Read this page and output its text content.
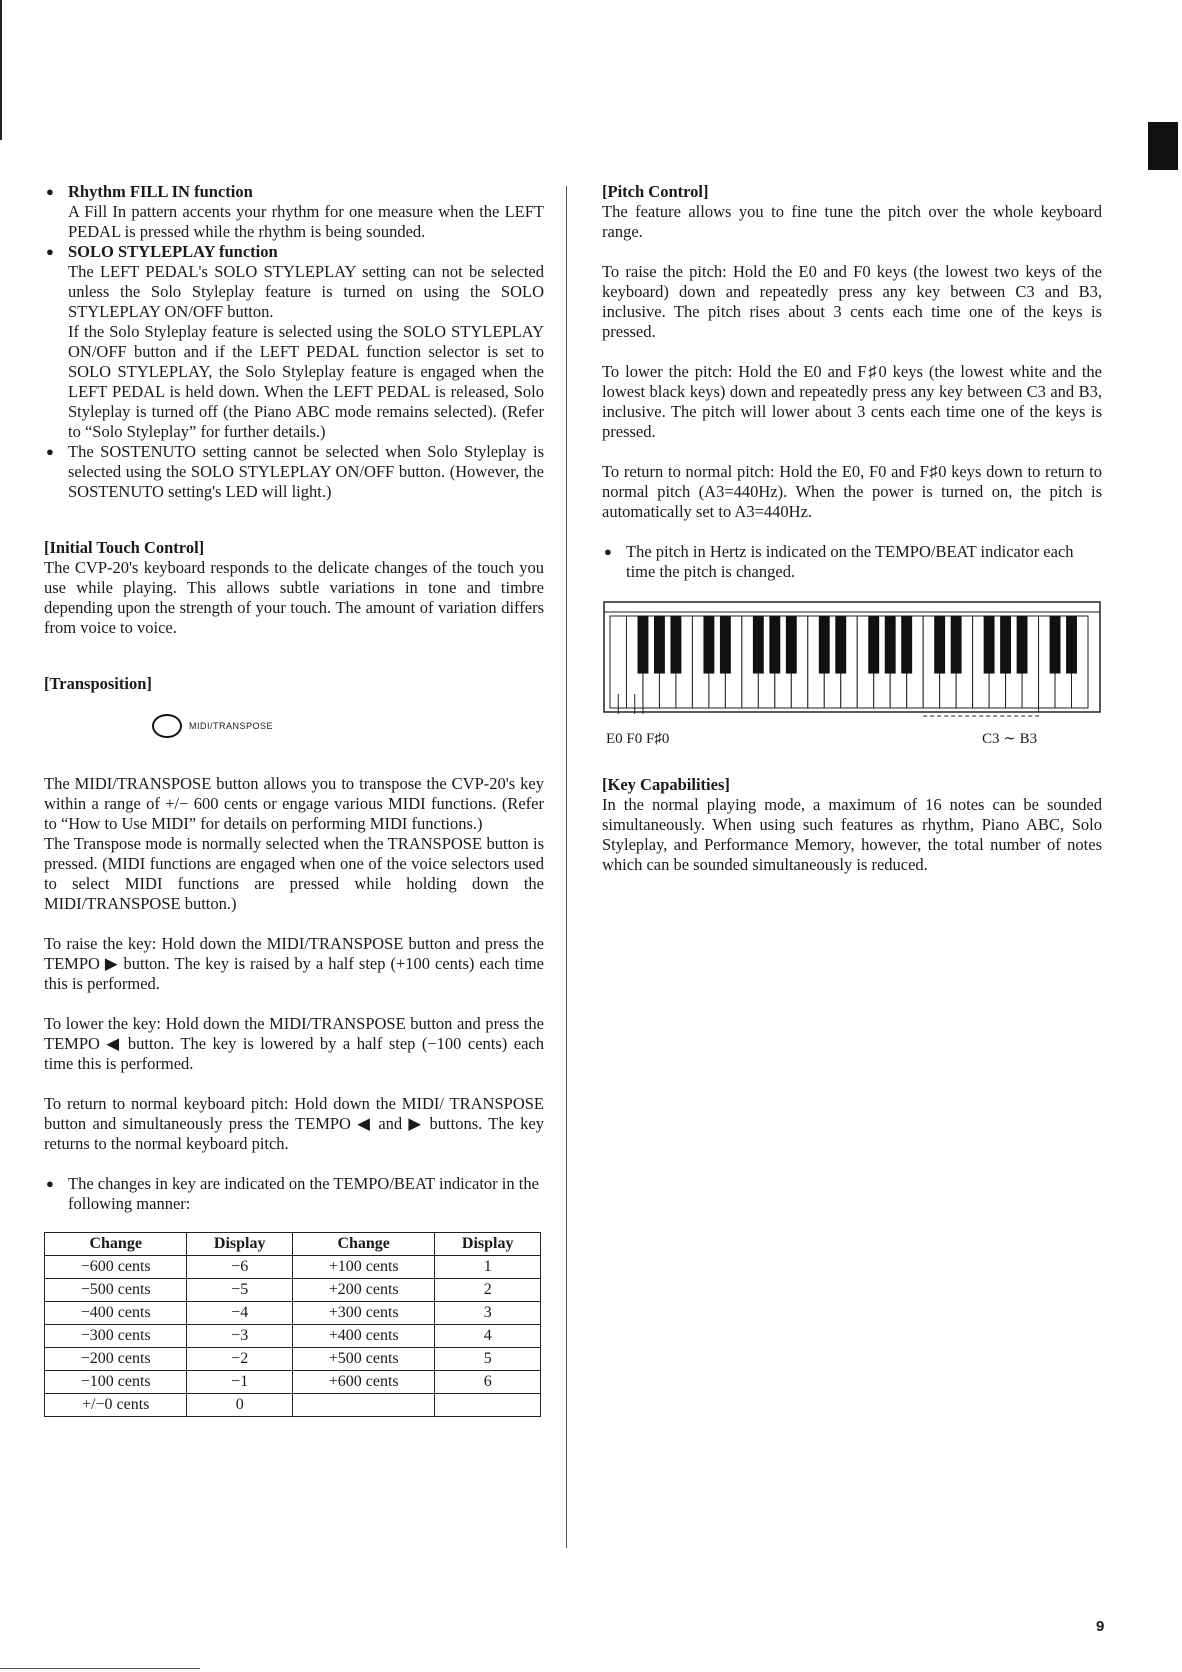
● Rhythm FILL IN function

A Fill In pattern accents your rhythm for one measure when the LEFT PEDAL is pressed while the rhythm is being sounded.

● SOLO STYLEPLAY function

The LEFT PEDAL's SOLO STYLEPLAY setting can not be selected unless the Solo Styleplay feature is turned on using the SOLO STYLEPLAY ON/OFF button.

If the Solo Styleplay feature is selected using the SOLO STYLEPLAY ON/OFF button and if the LEFT PEDAL function selector is set to SOLO STYLEPLAY, the Solo Styleplay feature is engaged when the LEFT PEDAL is held down. When the LEFT PEDAL is released, Solo Styleplay is turned off (the Piano ABC mode remains selected). (Refer to “Solo Styleplay” for further details.)

● The SOSTENUTO setting cannot be selected when Solo Styleplay is selected using the SOLO STYLEPLAY ON/OFF button. (However, the SOSTENUTO setting's LED will light.)

[Initial Touch Control]

The CVP-20's keyboard responds to the delicate changes of the touch you use while playing. This allows subtle variations in tone and timbre depending upon the strength of your touch. The amount of variation differs from voice to voice.

[Transposition]
MIDI/TRANSPOSE

The MIDI/TRANSPOSE button allows you to transpose the CVP-20's key within a range of +/− 600 cents or engage various MIDI functions. (Refer to “How to Use MIDI” for details on performing MIDI functions.)

The Transpose mode is normally selected when the TRANSPOSE button is pressed. (MIDI functions are engaged when one of the voice selectors used to select MIDI functions are pressed while holding down the MIDI/TRANSPOSE button.)

To raise the key: Hold down the MIDI/TRANSPOSE button and press the TEMPO ▶ button. The key is raised by a half step (+100 cents) each time this is performed.

To lower the key: Hold down the MIDI/TRANSPOSE button and press the TEMPO ◀ button. The key is lowered by a half step (−100 cents) each time this is performed.

To return to normal keyboard pitch: Hold down the MIDI/ TRANSPOSE button and simultaneously press the TEMPO ◀ and ▶ buttons. The key returns to the normal keyboard pitch.

● The changes in key are indicated on the TEMPO/BEAT indicator in the following manner:

Change	Display	Change	Display
−600 cents	−6	+100 cents	1
−500 cents	−5	+200 cents	2
−400 cents	−4	+300 cents	3
−300 cents	−3	+400 cents	4
−200 cents	−2	+500 cents	5
−100 cents	−1	+600 cents	6
+/−0 cents	0		
[Pitch Control]

The feature allows you to fine tune the pitch over the whole keyboard range.

To raise the pitch: Hold the E0 and F0 keys (the lowest two keys of the keyboard) down and repeatedly press any key between C3 and B3, inclusive. The pitch rises about 3 cents each time one of the keys is pressed.

To lower the pitch: Hold the E0 and F♯0 keys (the lowest white and the lowest black keys) down and repeatedly press any key between C3 and B3, inclusive. The pitch will lower about 3 cents each time one of the keys is pressed.

To return to normal pitch: Hold the E0, F0 and F♯0 keys down to return to normal pitch (A3=440Hz). When the power is turned on, the pitch is automatically set to A3=440Hz.

● The pitch in Hertz is indicated on the TEMPO/BEAT indicator each time the pitch is changed.

E0 F0 F♯0	C3 ∼ B3
[Key Capabilities]

In the normal playing mode, a maximum of 16 notes can be sounded simultaneously. When using such features as rhythm, Piano ABC, Solo Styleplay, and Performance Memory, however, the total number of notes which can be sounded simultaneously is reduced.

9
